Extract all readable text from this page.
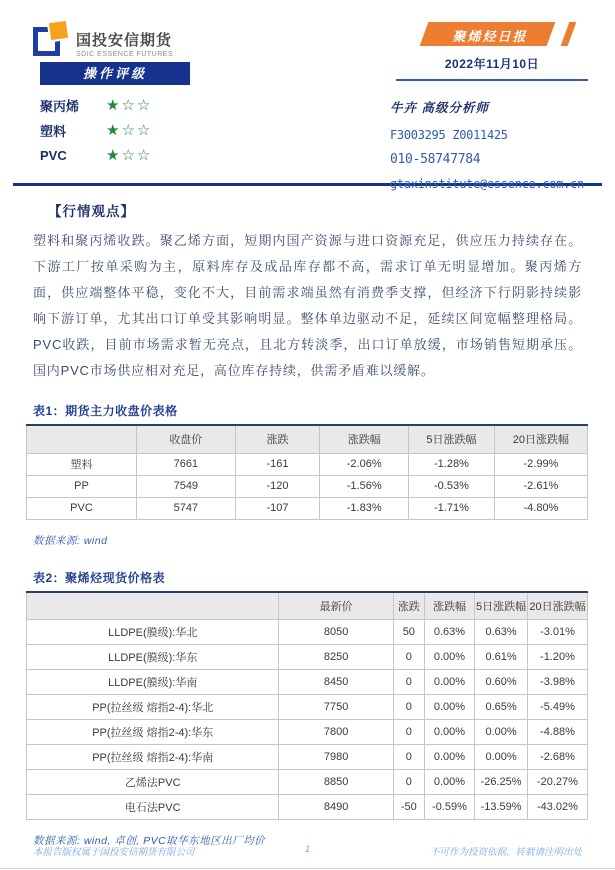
国投安信期货
SDIC ESSENCE FUTURES
操作评级
聚丙烯	★☆☆
塑料	★☆☆
PVC	★☆☆
聚烯烃日报
2022年11月10日
牛卉 高级分析师
F3003295 Z0011425
010-58747784
gtaxinstitute@essence.com.cn
【行情观点】

塑料和聚丙烯收跌。聚乙烯方面，短期内国产资源与进口资源充足，供应压力持续存在。下游工厂按单采购为主，原料库存及成品库存都不高，需求订单无明显增加。聚丙烯方面，供应端整体平稳，变化不大，目前需求端虽然有消费季支撑，但经济下行阴影持续影响下游订单，尤其出口订单受其影响明显。整体单边驱动不足，延续区间宽幅整理格局。PVC收跌，目前市场需求暂无亮点，且北方转淡季，出口订单放缓，市场销售短期承压。国内PVC市场供应相对充足，高位库存持续，供需矛盾难以缓解。

表1：期货主力收盘价表格
	收盘价	涨跌	涨跌幅	5日涨跌幅	20日涨跌幅
塑料	7661	-161	-2.06%	-1.28%	-2.99%
PP	7549	-120	-1.56%	-0.53%	-2.61%
PVC	5747	-107	-1.83%	-1.71%	-4.80%
数据来源: wind
表2：聚烯烃现货价格表
	最新价	涨跌	涨跌幅	5日涨跌幅	20日涨跌幅
LLDPE(膜级):华北	8050	50	0.63%	0.63%	-3.01%
LLDPE(膜级):华东	8250	0	0.00%	0.61%	-1.20%
LLDPE(膜级):华南	8450	0	0.00%	0.60%	-3.98%
PP(拉丝级 熔指2-4):华北	7750	0	0.00%	0.65%	-5.49%
PP(拉丝级 熔指2-4):华东	7800	0	0.00%	0.00%	-4.88%
PP(拉丝级 熔指2-4):华南	7980	0	0.00%	0.00%	-2.68%
乙烯法PVC	8850	0	0.00%	-26.25%	-20.27%
电石法PVC	8490	-50	-0.59%	-13.59%	-43.02%
数据来源: wind, 卓创, PVC取华东地区出厂均价
本报告版权属于国投安信期货有限公司	1	不可作为投资依据，转载请注明出处
